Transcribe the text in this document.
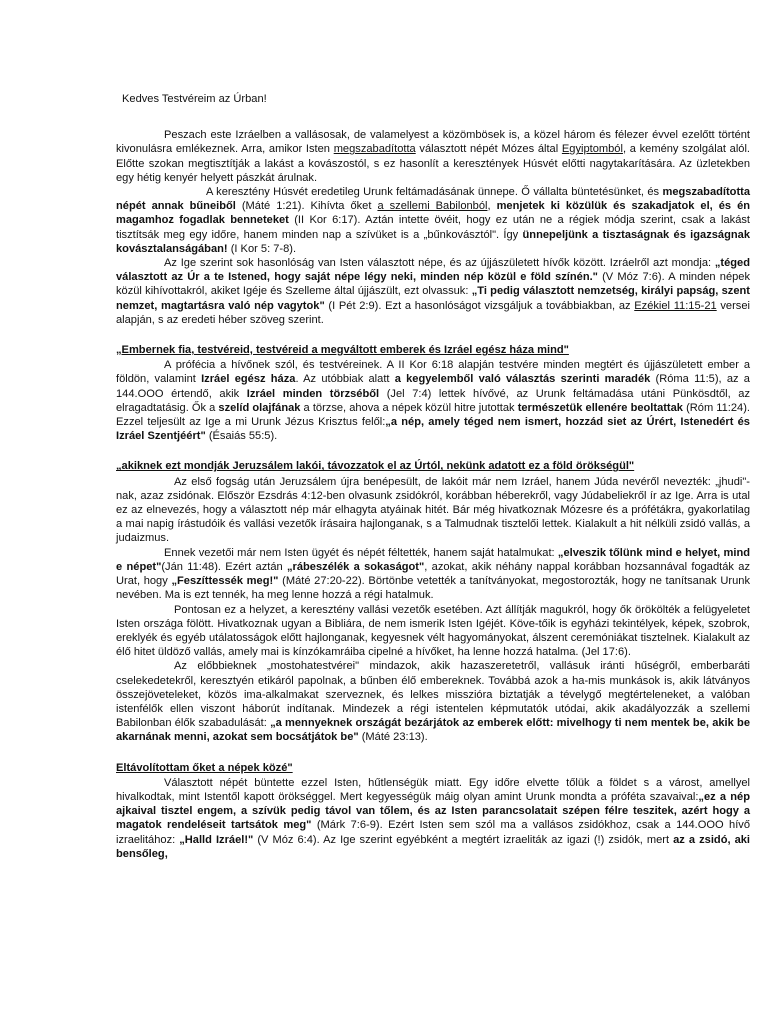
Kedves Testvéreim az Úrban!

Peszach este Izráelben a vallásosak, de valamelyest a közömbösek is, a közel három és félezer évvel ezelőtt történt kivonulásra emlékeznek. Arra, amikor Isten megszabadította választott népét Mózes által Egyiptomból, a kemény szolgálat alól. Előtte szokan megtisztítják a lakást a kovászostól, s ez hasonlít a keresztények Húsvét előtti nagytakarítására. Az üzletekben egy hétig kenyér helyett pászkát árulnak.

A keresztény Húsvét eredetileg Urunk feltámadásának ünnepe. Ő vállalta büntetésünket, és megszabadította népét annak bűneiből (Máté 1:21). Kihívta őket a szellemi Babilonból, menjetek ki közülük és szakadjatok el, és én magamhoz fogadlak benneteket (II Kor 6:17). Aztán intette övéit, hogy ez után ne a régiek módja szerint, csak a lakást tisztítsák meg egy időre, hanem minden nap a szívüket is a „bűnkovásztól". Így ünnepeljünk a tisztaságnak és igazságnak kovásztalanságában! (I Kor 5: 7-8).

Az Ige szerint sok hasonlóság van Isten választott népe, és az újjászületett hívők között. Izráelről azt mondja: „téged választott az Úr a te Istened, hogy saját népe légy neki, minden nép közül e föld színén." (V Móz 7:6). A minden népek közül kihívottakról, akiket Igéje és Szelleme által újjászült, ezt olvassuk: „Ti pedig választott nemzetség, királyi papság, szent nemzet, magtartásra való nép vagytok" (I Pét 2:9). Ezt a hasonlóságot vizsgáljuk a továbbiakban, az Ezékiel 11:15-21 versei alapján, s az eredeti héber szöveg szerint.

„Embernek fia, testvéreid, testvéreid a megváltott emberek és Izráel egész háza mind"

A prófécia a hívőnek szól, és testvéreinek. A II Kor 6:18 alapján testvére minden megtért és újjászületett ember a földön, valamint Izráel egész háza. Az utóbbiak alatt a kegyelemből való választás szerinti maradék (Róma 11:5), az a 144.OOO értendő, akik Izráel minden törzséből (Jel 7:4) lettek hívővé, az Urunk feltámadása utáni Pünkösdtől, az elragadtatásig. Ők a szelíd olajfának a törzse, ahova a népek közül hitre jutottak természetük ellenére beoltattak (Róm 11:24). Ezzel teljesült az Ige a mi Urunk Jézus Krisztus felől:„a nép, amely téged nem ismert, hozzád siet az Úrért, Istenedért és Izráel Szentjéért" (Ésaiás 55:5).

„akiknek ezt mondják Jeruzsálem lakói, távozzatok el az Úrtól, nekünk adatott ez a föld örökségül"

Az első fogság után Jeruzsálem újra benépesült, de lakóit már nem Izráel, hanem Júda nevéről nevezték: „jhudi"-nak, azaz zsidónak. Először Ezsdrás 4:12-ben olvasunk zsidókról, korábban héberekről, vagy Júdabeliekről ír az Ige. Arra is utal ez az elnevezés, hogy a választott nép már elhagyta atyáinak hitét. Bár még hivatkoznak Mózesre és a prófétákra, gyakorlatilag a mai napig írástudóik és vallási vezetők írásaira hajlonganak, s a Talmudnak tisztelői lettek. Kialakult a hit nélküli zsidó vallás, a judaizmus.

Ennek vezetői már nem Isten ügyét és népét féltették, hanem saját hatalmukat: „elveszik tőlünk mind e helyet, mind e népet"(Ján 11:48). Ezért aztán „rábeszélék a sokaságot", azokat, akik néhány nappal korábban hozsannával fogadták az Urat, hogy „Feszíttessék meg!" (Máté 27:20-22). Börtönbe vetették a tanítványokat, megostorozták, hogy ne tanítsanak Urunk nevében. Ma is ezt tennék, ha meg lenne hozzá a régi hatalmuk.

Pontosan ez a helyzet, a keresztény vallási vezetők esetében. Azt állítják magukról, hogy ők örökölték a felügyeletet Isten országa fölött. Hivatkoznak ugyan a Bibliára, de nem ismerik Isten Igéjét. Köve-tőik is egyházi tekintélyek, képek, szobrok, ereklyék és egyéb utálatosságok előtt hajlonganak, kegyesnek vélt hagyományokat, álszent ceremóniákat tisztelnek. Kialakult az élő hitet üldöző vallás, amely mai is kínzókamráiba cipelné a hívőket, ha lenne hozzá hatalma. (Jel 17:6).

Az előbbieknek „mostohatestvérei" mindazok, akik hazaszeretetről, vallásuk iránti hűségről, emberbaráti cselekedetekről, keresztyén etikáról papolnak, a bűnben élő embereknek. Továbbá azok a ha-mis munkások is, akik látványos összejöveteleket, közös ima-alkalmakat szerveznek, és lelkes misszióra biztatják a tévelygő megtérteleneket, a valóban istenfélők ellen viszont háborút indítanak. Mindezek a régi istentelen képmutatók utódai, akik akadályozzák a szellemi Babilonban élők szabadulását: „a mennyeknek országát bezárjátok az emberek előtt: mivelhogy ti nem mentek be, akik be akarnának menni, azokat sem bocsátjátok be" (Máté 23:13).

Eltávolítottam őket a népek közé"

Választott népét büntette ezzel Isten, hűtlenségük miatt. Egy időre elvette tőlük a földet s a várost, amellyel hivalkodtak, mint Istentől kapott örökséggel. Mert kegyességük máig olyan amint Urunk mondta a próféta szavaival:„ez a nép ajkaival tisztel engem, a szívük pedig távol van tőlem, és az Isten parancsolatait szépen félre teszitek, azért hogy a magatok rendeléseit tartsátok meg" (Márk 7:6-9). Ezért Isten sem szól ma a vallásos zsidókhoz, csak a 144.OOO hívő izraelitához: „Halld Izráel!" (V Móz 6:4). Az Ige szerint egyébként a megtért izraeliták az igazi (!) zsidók, mert az a zsidó, aki bensőleg,
